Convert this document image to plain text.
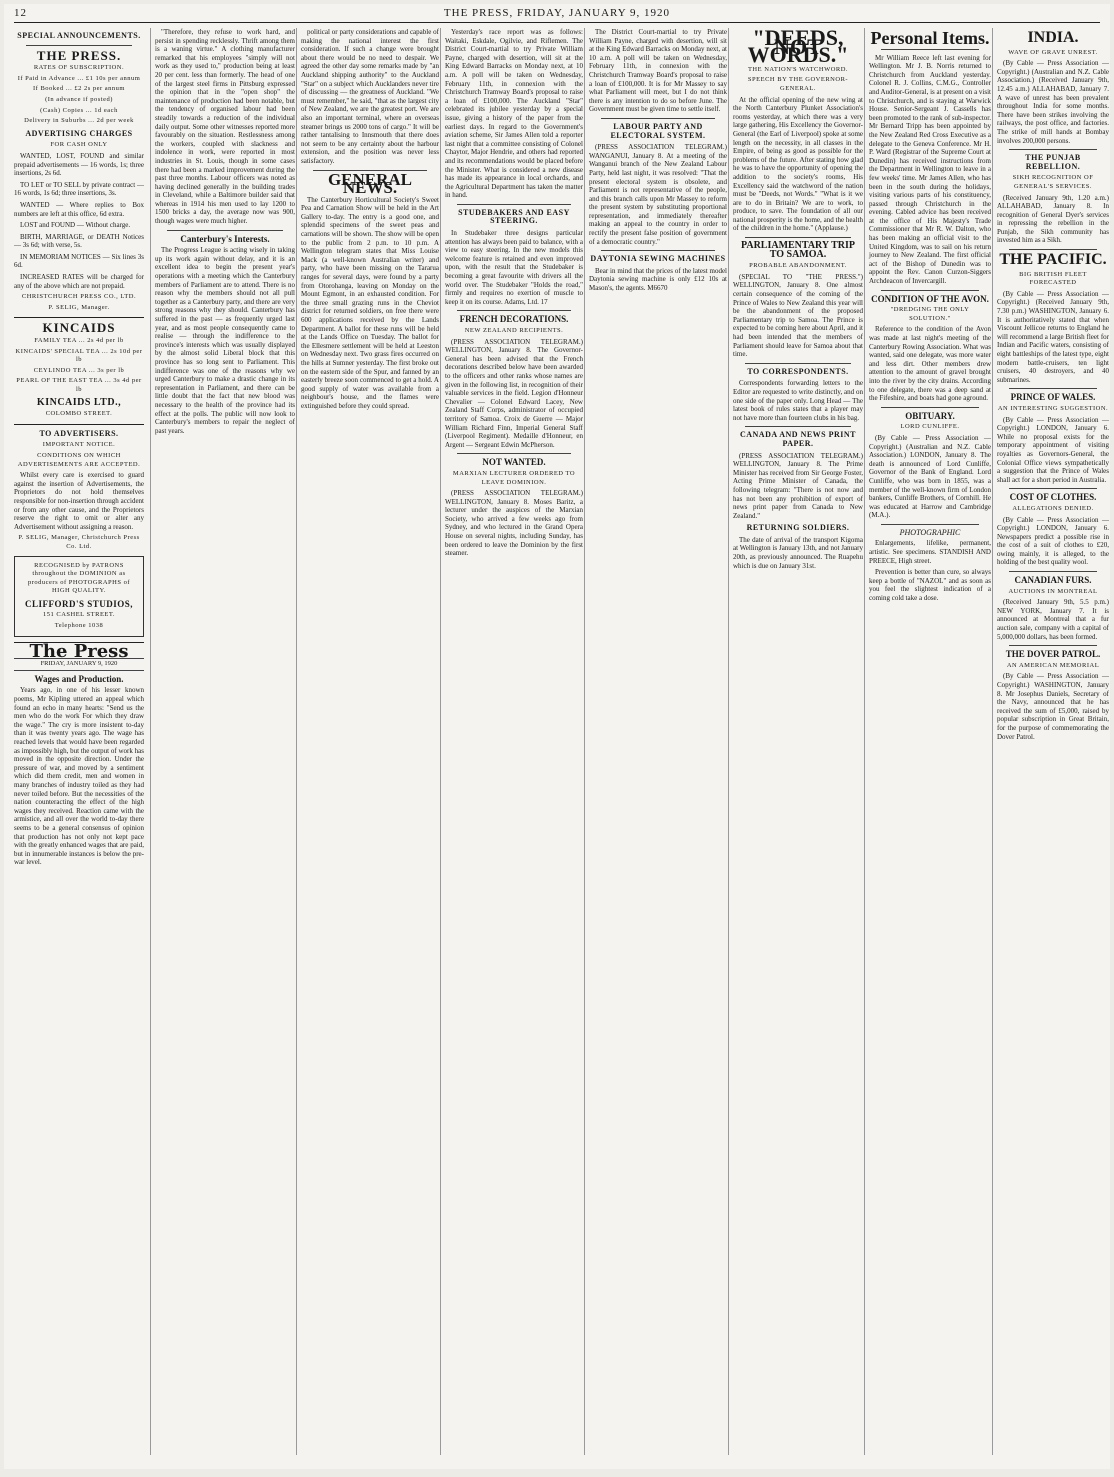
12	THE PRESS, FRIDAY, JANUARY 9, 1920
SPECIAL ANNOUNCEMENTS.
THE PRESS.
RATES OF SUBSCRIPTION.
If Paid in Advance ... £1 10s per annum
If Booked ... £2 2s per annum
(In advance if posted)
(Cash) Copies ... 1d each
Delivery in Suburbs ... 2d per week
ADVERTISING CHARGES
FOR CASH ONLY

WANTED, LOST, FOUND and similar prepaid advertisements — 16 words, 1s; three insertions, 2s 6d.

TO LET or TO SELL by private contract — 16 words, 1s 6d; three insertions, 3s.

WANTED — Where replies to Box numbers are left at this office, 6d extra.

LOST and FOUND — Without charge.

BIRTH, MARRIAGE, or DEATH Notices — 3s 6d; with verse, 5s.

IN MEMORIAM NOTICES — Six lines 3s 6d.

INCREASED RATES will be charged for any of the above which are not prepaid.

CHRISTCHURCH PRESS CO., LTD.
P. SELIG, Manager.
KINCAIDS
FAMILY TEA ... 2s 4d per lb
KINCAIDS' SPECIAL TEA ... 2s 10d per lb
CEYLINDO TEA ... 3s per lb
PEARL OF THE EAST TEA ... 3s 4d per lb
KINCAIDS LTD.,
COLOMBO STREET.
TO ADVERTISERS.
IMPORTANT NOTICE.
CONDITIONS ON WHICH ADVERTISEMENTS ARE ACCEPTED.

Whilst every care is exercised to guard against the insertion of Advertisements, the Proprietors do not hold themselves responsible for non-insertion through accident or from any other cause, and the Proprietors reserve the right to omit or alter any Advertisement without assigning a reason.

P. SELIG, Manager, Christchurch Press Co. Ltd.
RECOGNISED by PATRONS throughout the DOMINION as producers of PHOTOGRAPHS of HIGH QUALITY.
CLIFFORD'S STUDIOS,
151 CASHEL STREET.
Telephone 1038
The Press
FRIDAY, JANUARY 9, 1920
Wages and Production.

Years ago, in one of his lesser known poems, Mr Kipling uttered an appeal which found an echo in many hearts: "Send us the men who do the work For which they draw the wage." The cry is more insistent to-day than it was twenty years ago. The wage has reached levels that would have been regarded as impossibly high, but the output of work has moved in the opposite direction. Under the pressure of war, and moved by a sentiment which did them credit, men and women in many branches of industry toiled as they had never toiled before. But the necessities of the nation counteracting the effect of the high wages they received. Reaction came with the armistice, and all over the world to-day there seems to be a general consensus of opinion that production has not only not kept pace with the greatly enhanced wages that are paid, but in innumerable instances is below the pre-war level.

"Therefore, they refuse to work hard, and persist in spending recklessly. Thrift among them is a waning virtue." A clothing manufacturer remarked that his employees "simply will not work as they used to," production being at least 20 per cent. less than formerly. The head of one of the largest steel firms in Pittsburg expressed the opinion that in the "open shop" the maintenance of production had been notable, but the tendency of organised labour had been steadily towards a reduction of the individual daily output. Some other witnesses reported more favourably on the situation. Restlessness among the workers, coupled with slackness and indolence in work, were reported in most industries in St. Louis, though in some cases there had been a marked improvement during the past three months. Labour officers was noted as having declined generally in the building trades in Cleveland, while a Baltimore builder said that whereas in 1914 his men used to lay 1200 to 1500 bricks a day, the average now was 900, though wages were much higher.

Canterbury's Interests.

The Progress League is acting wisely in taking up its work again without delay, and it is an excellent idea to begin the present year's operations with a meeting which the Canterbury members of Parliament are to attend. There is no reason why the members should not all pull together as a Canterbury party, and there are very strong reasons why they should. Canterbury has suffered in the past — as frequently urged last year, and as most people consequently came to realise — through the indifference to the province's interests which was usually displayed by the almost solid Liberal block that this province has so long sent to Parliament. This indifference was one of the reasons why we urged Canterbury to make a drastic change in its representation in Parliament, and there can be little doubt that the fact that new blood was necessary to the health of the province had its effect at the polls. The public will now look to Canterbury's members to repair the neglect of past years.

political or party considerations and capable of making the national interest the first consideration. If such a change were brought about there would be no need to despair. We agreed the other day some remarks made by "an Auckland shipping authority" to the Auckland "Star" on a subject which Aucklanders never tire of discussing — the greatness of Auckland. "We must remember," he said, "that as the largest city of New Zealand, we are the greatest port. We are also an important terminal, where an overseas steamer brings us 2000 tons of cargo." It will be rather tantalising to Innsmouth that there does not seem to be any certainty about the harbour extension, and the position was never less satisfactory.

GENERAL NEWS.

The Canterbury Horticultural Society's Sweet Pea and Carnation Show will be held in the Art Gallery to-day. The entry is a good one, and splendid specimens of the sweet peas and carnations will be shown. The show will be open to the public from 2 p.m. to 10 p.m. A Wellington telegram states that Miss Louise Mack (a well-known Australian writer) and party, who have been missing on the Tararua ranges for several days, were found by a party from Otorohanga, leaving on Monday on the Mount Egmont, in an exhausted condition. For the three small grazing runs in the Cheviot district for returned soldiers, on free there were 600 applications received by the Lands Department. A ballot for these runs will be held at the Lands Office on Tuesday. The ballot for the Ellesmere settlement will be held at Leeston on Wednesday next. Two grass fires occurred on the hills at Sumner yesterday. The first broke out on the eastern side of the Spur, and fanned by an easterly breeze soon commenced to get a hold. A good supply of water was available from a neighbour's house, and the flames were extinguished before they could spread.

Yesterday's race report was as follows: Waitaki, Eskdale, Ogilvie, and Riflemen. The District Court-martial to try Private William Payne, charged with desertion, will sit at the King Edward Barracks on Monday next, at 10 a.m. A poll will be taken on Wednesday, February 11th, in connexion with the Christchurch Tramway Board's proposal to raise a loan of £100,000. The Auckland "Star" celebrated its jubilee yesterday by a special issue, giving a history of the paper from the earliest days. In regard to the Government's aviation scheme, Sir James Allen told a reporter last night that a committee consisting of Colonel Chaytor, Major Hendrie, and others had reported and its recommendations would be placed before the Minister. What is considered a new disease has made its appearance in local orchards, and the Agricultural Department has taken the matter in hand.

STUDEBAKERS AND EASY STEERING.

In Studebaker three designs particular attention has always been paid to balance, with a view to easy steering. In the new models this welcome feature is retained and even improved upon, with the result that the Studebaker is becoming a great favourite with drivers all the world over. The Studebaker "Holds the road," firmly and requires no exertion of muscle to keep it on its course. Adams, Ltd. 17

FRENCH DECORATIONS.
NEW ZEALAND RECIPIENTS.

(PRESS ASSOCIATION TELEGRAM.) WELLINGTON, January 8. The Governor-General has been advised that the French decorations described below have been awarded to the officers and other ranks whose names are given in the following list, in recognition of their valuable services in the field. Legion d'Honneur Chevalier — Colonel Edward Lacey, New Zealand Staff Corps, administrator of occupied territory of Samoa. Croix de Guerre — Major William Richard Finn, Imperial General Staff (Liverpool Regiment). Medaille d'Honneur, en Argent — Sergeant Edwin McPherson.

NOT WANTED.
MARXIAN LECTURER ORDERED TO LEAVE DOMINION.

(PRESS ASSOCIATION TELEGRAM.) WELLINGTON, January 8. Moses Baritz, a lecturer under the auspices of the Marxian Society, who arrived a few weeks ago from Sydney, and who lectured in the Grand Opera House on several nights, including Sunday, has been ordered to leave the Dominion by the first steamer.

The District Court-martial to try Private William Payne, charged with desertion, will sit at the King Edward Barracks on Monday next, at 10 a.m. A poll will be taken on Wednesday, February 11th, in connexion with the Christchurch Tramway Board's proposal to raise a loan of £100,000. It is for Mr Massey to say what Parliament will meet, but I do not think there is any intention to do so before June. The Government must be given time to settle itself.

LABOUR PARTY AND ELECTORAL SYSTEM.

(PRESS ASSOCIATION TELEGRAM.) WANGANUI, January 8. At a meeting of the Wanganui branch of the New Zealand Labour Party, held last night, it was resolved: "That the present electoral system is obsolete, and Parliament is not representative of the people, and this branch calls upon Mr Massey to reform the present system by substituting proportional representation, and immediately thereafter making an appeal to the country in order to rectify the present false position of government of a democratic country."

DAYTONIA SEWING MACHINES

Bear in mind that the prices of the latest model Daytonia sewing machine is only £12 10s at Mason's, the agents. M6670

"DEEDS, NOT WORDS."
THE NATION'S WATCHWORD.
SPEECH BY THE GOVERNOR-GENERAL.

At the official opening of the new wing at the North Canterbury Plunket Association's rooms yesterday, at which there was a very large gathering, His Excellency the Governor-General (the Earl of Liverpool) spoke at some length on the necessity, in all classes in the Empire, of being as good as possible for the problems of the future. After stating how glad he was to have the opportunity of opening the addition to the society's rooms, His Excellency said the watchword of the nation must be "Deeds, not Words." "What is it we are to do in Britain? We are to work, to produce, to save. The foundation of all our national prosperity is the home, and the health of the children in the home." (Applause.)

PARLIAMENTARY TRIP TO SAMOA.
PROBABLE ABANDONMENT.

(SPECIAL TO "THE PRESS.") WELLINGTON, January 8. One almost certain consequence of the coming of the Prince of Wales to New Zealand this year will be the abandonment of the proposed Parliamentary trip to Samoa. The Prince is expected to be coming here about April, and it had been intended that the members of Parliament should leave for Samoa about that time.

TO CORRESPONDENTS.

Correspondents forwarding letters to the Editor are requested to write distinctly, and on one side of the paper only. Long Head — The latest book of rules states that a player may not have more than fourteen clubs in his bag.

CANADA AND NEWS PRINT PAPER.

(PRESS ASSOCIATION TELEGRAM.) WELLINGTON, January 8. The Prime Minister has received from Sir George Foster, Acting Prime Minister of Canada, the following telegram: "There is not now and has not been any prohibition of export of news print paper from Canada to New Zealand."

RETURNING SOLDIERS.

The date of arrival of the transport Kigoma at Wellington is January 13th, and not January 20th, as previously announced. The Ruapehu which is due on January 31st.

Personal Items.

Mr William Reece left last evening for Wellington. Mr J. B. Norris returned to Christchurch from Auckland yesterday. Colonel R. J. Collins, C.M.G., Controller and Auditor-General, is at present on a visit to Christchurch, and is staying at Warwick House. Senior-Sergeant J. Cassells has been promoted to the rank of sub-inspector. Mr Bernard Tripp has been appointed by the New Zealand Red Cross Executive as a delegate to the Geneva Conference. Mr H. P. Ward (Registrar of the Supreme Court at Dunedin) has received instructions from the Department in Wellington to leave in a few weeks' time. Mr James Allen, who has been in the south during the holidays, visiting various parts of his constituency, passed through Christchurch in the evening. Cabled advice has been received at the office of His Majesty's Trade Commissioner that Mr R. W. Dalton, who has been making an official visit to the United Kingdom, was to sail on his return journey to New Zealand. The first official act of the Bishop of Dunedin was to appoint the Rev. Canon Curzon-Siggers Archdeacon of Invercargill.

CONDITION OF THE AVON.
"DREDGING THE ONLY SOLUTION."

Reference to the condition of the Avon was made at last night's meeting of the Canterbury Rowing Association. What was wanted, said one delegate, was more water and less dirt. Other members drew attention to the amount of gravel brought into the river by the city drains. According to one delegate, there was a deep sand at the Fifeshire, and boats had gone aground.

OBITUARY.
LORD CUNLIFFE.

(By Cable — Press Association — Copyright.) (Australian and N.Z. Cable Association.) LONDON, January 8. The death is announced of Lord Cunliffe, Governor of the Bank of England. Lord Cunliffe, who was born in 1855, was a member of the well-known firm of London bankers, Cunliffe Brothers, of Cornhill. He was educated at Harrow and Cambridge (M.A.).

PHOTOGRAPHIC

Enlargements, lifelike, permanent, artistic. See specimens. STANDISH AND PREECE, High street.

Prevention is better than cure, so always keep a bottle of "NAZOL" and as soon as you feel the slightest indication of a coming cold take a dose.

INDIA.
WAVE OF GRAVE UNREST.

(By Cable — Press Association — Copyright.) (Australian and N.Z. Cable Association.) (Received January 9th, 12.45 a.m.) ALLAHABAD, January 7. A wave of unrest has been prevalent throughout India for some months. There have been strikes involving the railways, the post office, and factories. The strike of mill hands at Bombay involves 200,000 persons.

THE PUNJAB REBELLION.
SIKH RECOGNITION OF GENERAL'S SERVICES.

(Received January 9th, 1.20 a.m.) ALLAHABAD, January 8. In recognition of General Dyer's services in repressing the rebellion in the Punjab, the Sikh community has invested him as a Sikh.

THE PACIFIC.
BIG BRITISH FLEET FORECASTED

(By Cable — Press Association — Copyright.) (Received January 9th, 7.30 p.m.) WASHINGTON, January 6. It is authoritatively stated that when Viscount Jellicoe returns to England he will recommend a large British fleet for Indian and Pacific waters, consisting of eight battleships of the latest type, eight modern battle-cruisers, ten light cruisers, 40 destroyers, and 40 submarines.

PRINCE OF WALES.
AN INTERESTING SUGGESTION.

(By Cable — Press Association — Copyright.) LONDON, January 6. While no proposal exists for the temporary appointment of visiting royalties as Governors-General, the Colonial Office views sympathetically a suggestion that the Prince of Wales shall act for a short period in Australia.

COST OF CLOTHES.
ALLEGATIONS DENIED.

(By Cable — Press Association — Copyright.) LONDON, January 6. Newspapers predict a possible rise in the cost of a suit of clothes to £20, owing mainly, it is alleged, to the holding of the best quality wool.

CANADIAN FURS.
AUCTIONS IN MONTREAL

(Received January 9th, 5.5 p.m.) NEW YORK, January 7. It is announced at Montreal that a fur auction sale, company with a capital of 5,000,000 dollars, has been formed.

THE DOVER PATROL.
AN AMERICAN MEMORIAL

(By Cable — Press Association — Copyright.) WASHINGTON, January 8. Mr Josephus Daniels, Secretary of the Navy, announced that he has received the sum of £5,000, raised by popular subscription in Great Britain, for the purpose of commemorating the Dover Patrol.
